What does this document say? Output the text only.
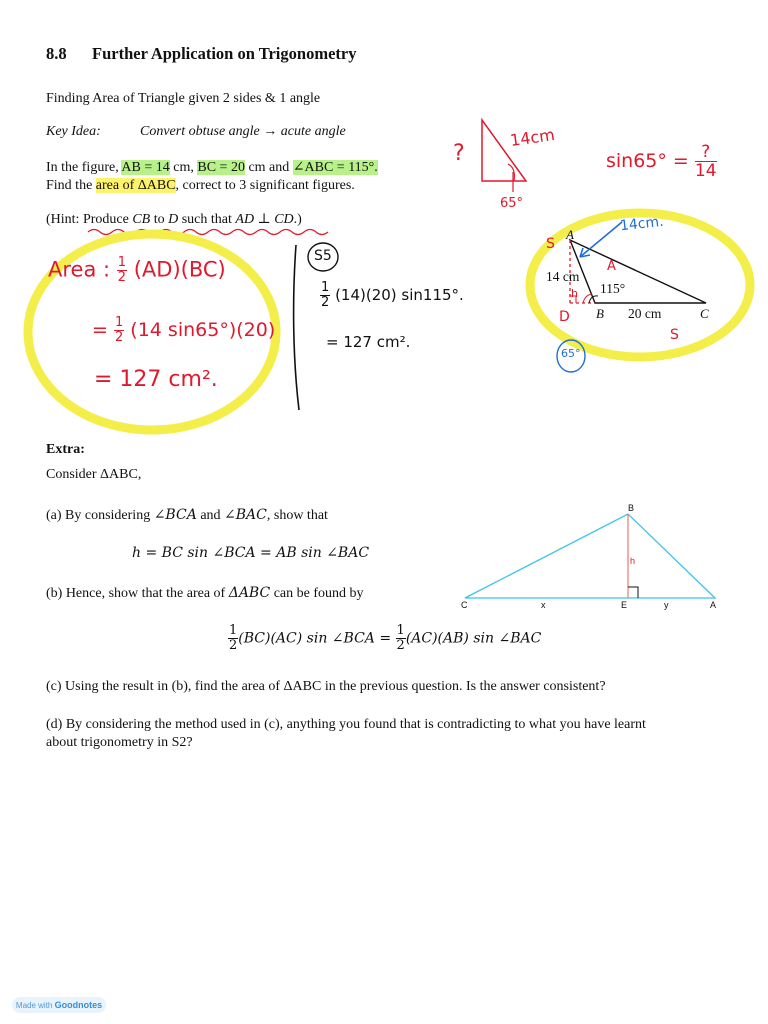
8.8 Further Application on Trigonometry
Finding Area of Triangle given 2 sides & 1 angle
Key Idea:	Convert obtuse angle → acute angle
In the figure, AB = 14 cm, BC = 20 cm and ∠ABC = 115°.
Find the area of ΔABC, correct to 3 significant figures.
(Hint: Produce CB to D such that AD ⊥ CD.)
?
14cm
65°
$\sin 65^\circ = \frac{?}{14}$
Area : $\frac{1}{2} (AD)(BC)$
= $\frac{1}{2} (14$ sin65°)(20)
= 127 cm².
S5
$\frac{1}{2} (14)(20)$ sin115°.
= 127 cm².
A
B	C
14 cm
20 cm
115°
14cm.
S
S
A
D
h
65°
Extra:
Consider ΔABC,
(a) By considering ∠BCA and ∠BAC, show that
h = BC sin ∠BCA = AB sin ∠BAC
(b) Hence, show that the area of ΔABC can be found by
$\frac{1}{2} (BC)(AC)$ sin ∠BCA = $\frac{1}{2} (AC)(AB)$ sin ∠BAC
(c) Using the result in (b), find the area of ΔABC in the previous question. Is the answer consistent?
(d) By considering the method used in (c), anything you found that is contradicting to what you have learnt
about trigonometry in S2?
B
C	E	A
h
x	y
Made with Goodnotes
